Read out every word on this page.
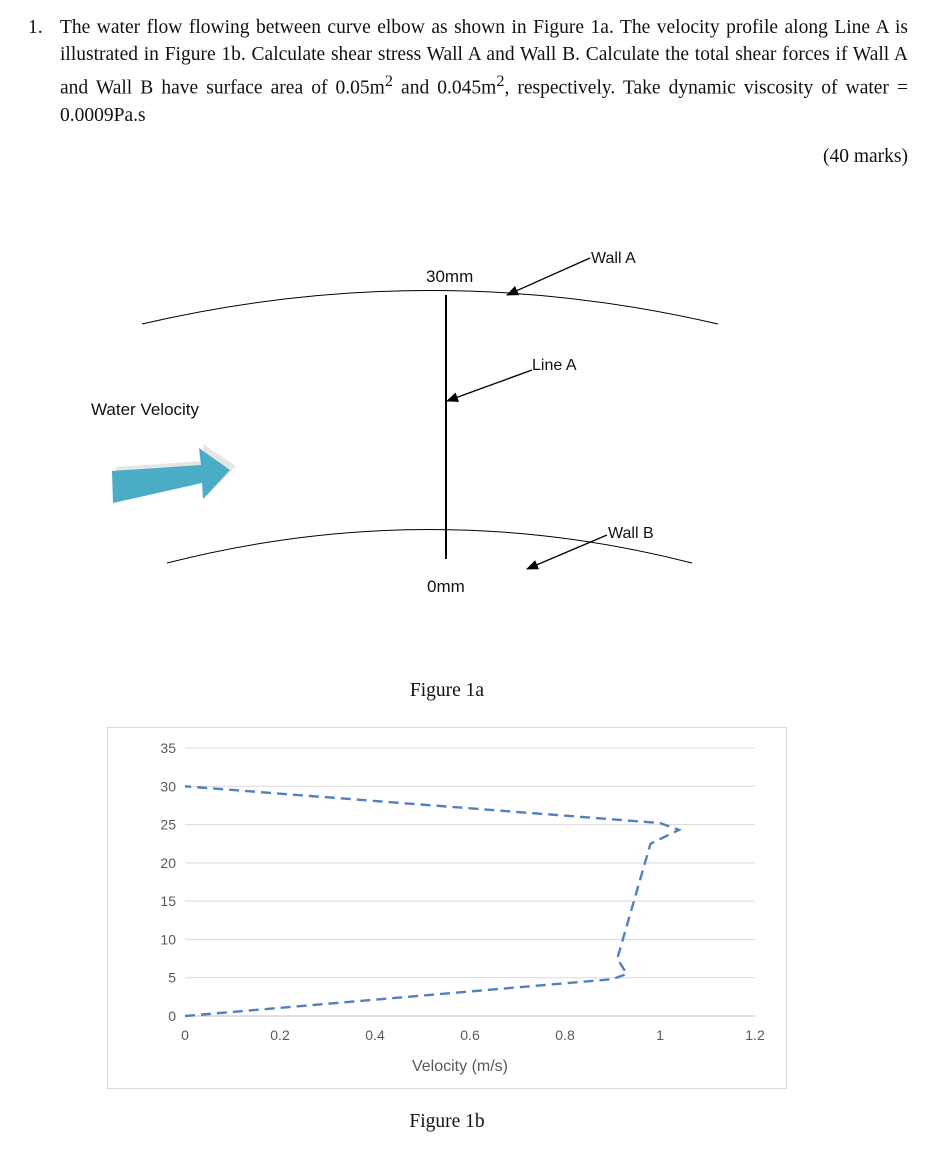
1. The water flow flowing between curve elbow as shown in Figure 1a. The velocity profile along Line A is illustrated in Figure 1b. Calculate shear stress Wall A and Wall B. Calculate the total shear forces if Wall A and Wall B have surface area of $0.05m^2$ and $0.045m^2$, respectively. Take dynamic viscosity of water = 0.0009Pa.s
(40 marks)
30mm
0mm
Wall A
Line A
Wall B
Water Velocity
Figure 1a
0
5
10
15
20
25
30
35
0	0.2	0.4	0.6	0.8	1	1.2
Velocity (m/s)
Figure 1b
